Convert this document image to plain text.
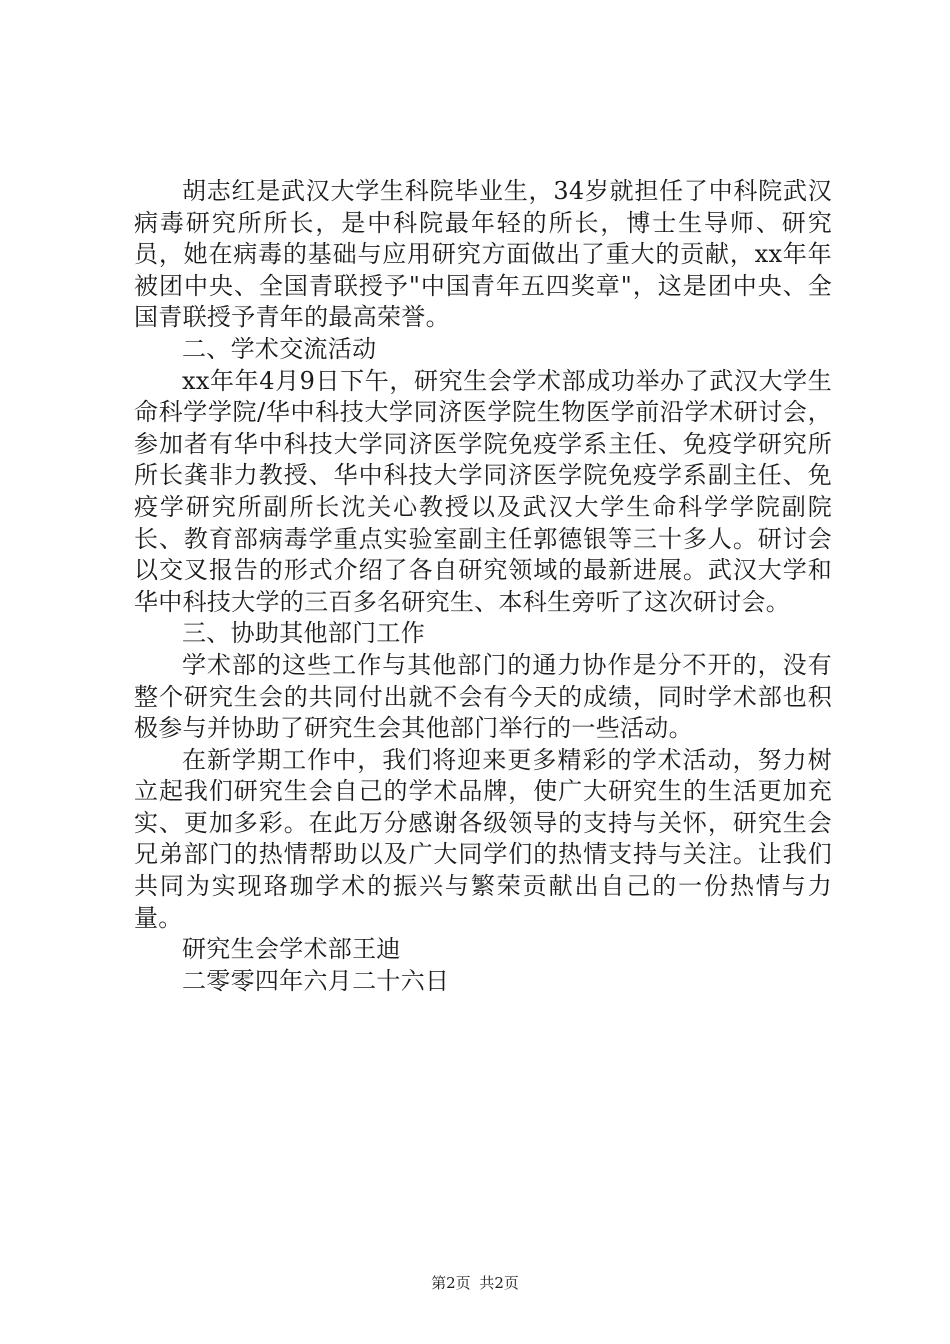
胡志红是武汉大学生科院毕业生，34岁就担任了中科院武汉病毒研究所所长，是中科院最年轻的所长，博士生导师、研究员，她在病毒的基础与应用研究方面做出了重大的贡献，xx年年被团中央、全国青联授予"中国青年五四奖章"，这是团中央、全国青联授予青年的最高荣誉。

二、学术交流活动

xx年年4月9日下午，研究生会学术部成功举办了武汉大学生命科学学院/华中科技大学同济医学院生物医学前沿学术研讨会，参加者有华中科技大学同济医学院免疫学系主任、免疫学研究所所长龚非力教授、华中科技大学同济医学院免疫学系副主任、免疫学研究所副所长沈关心教授以及武汉大学生命科学学院副院长、教育部病毒学重点实验室副主任郭德银等三十多人。研讨会以交叉报告的形式介绍了各自研究领域的最新进展。武汉大学和华中科技大学的三百多名研究生、本科生旁听了这次研讨会。

三、协助其他部门工作

学术部的这些工作与其他部门的通力协作是分不开的，没有整个研究生会的共同付出就不会有今天的成绩，同时学术部也积极参与并协助了研究生会其他部门举行的一些活动。

在新学期工作中，我们将迎来更多精彩的学术活动，努力树立起我们研究生会自己的学术品牌，使广大研究生的生活更加充实、更加多彩。在此万分感谢各级领导的支持与关怀，研究生会兄弟部门的热情帮助以及广大同学们的热情支持与关注。让我们共同为实现珞珈学术的振兴与繁荣贡献出自己的一份热情与力量。

研究生会学术部王迪

二零零四年六月二十六日

第2页 共2页
